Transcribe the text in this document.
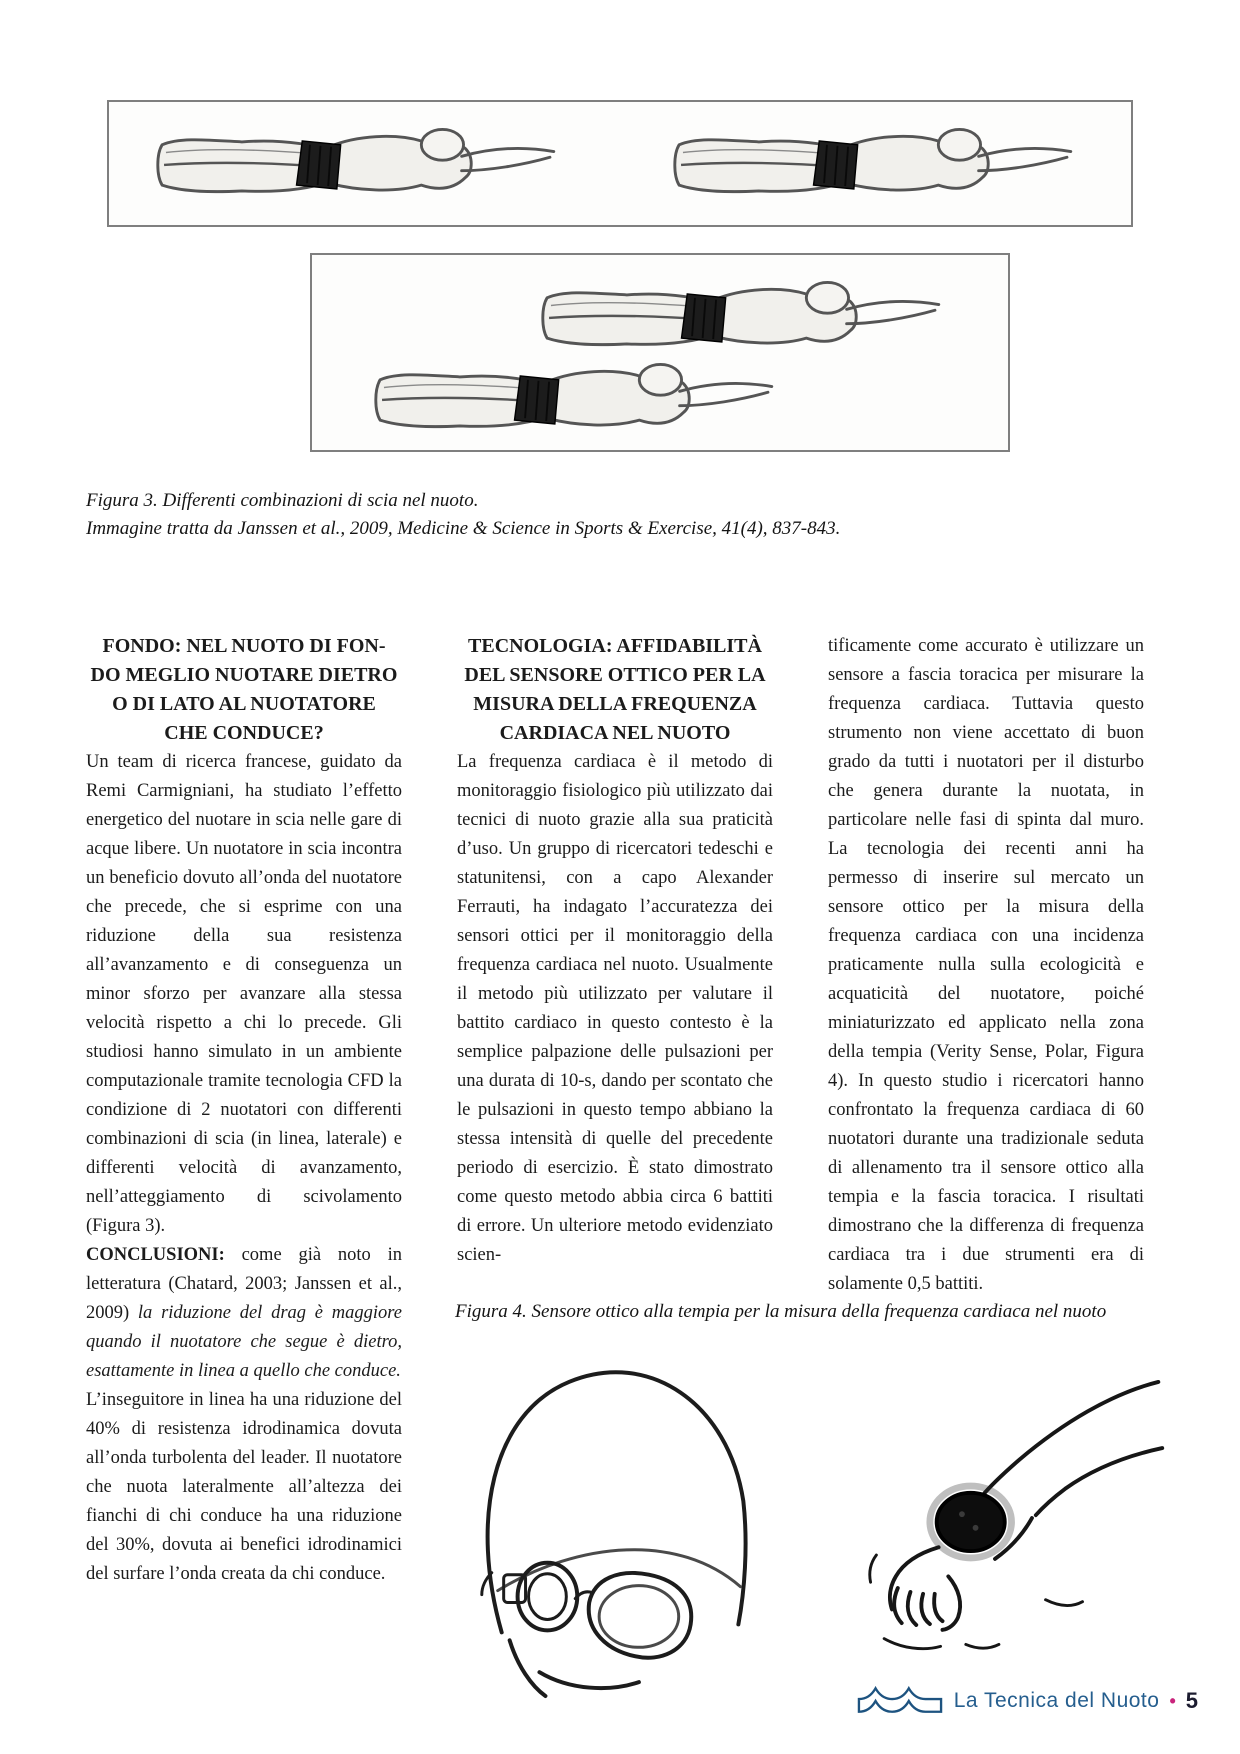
Figura 3. Differenti combinazioni di scia nel nuoto.
Immagine tratta da Janssen et al., 2009, Medicine & Science in Sports & Exercise, 41(4), 837-843.
FONDO: NEL NUOTO DI FON-
DO MEGLIO NUOTARE DIETRO
O DI LATO AL NUOTATORE
CHE CONDUCE?

Un team di ricerca francese, guidato da Remi Carmigniani, ha studiato l’effetto energetico del nuotare in scia nelle gare di acque libere. Un nuotatore in scia incontra un beneficio dovuto all’onda del nuotatore che precede, che si esprime con una riduzione della sua resistenza all’avanzamento e di conseguenza un minor sforzo per avanzare alla stessa velocità rispetto a chi lo precede. Gli studiosi hanno simulato in un ambiente computazionale tramite tecnologia CFD la condizione di 2 nuotatori con differenti combinazioni di scia (in linea, laterale) e differenti velocità di avanzamento, nell’atteggiamento di scivolamento (Figura 3).

CONCLUSIONI: come già noto in letteratura (Chatard, 2003; Janssen et al., 2009) la riduzione del drag è maggiore quando il nuotatore che segue è dietro, esattamente in linea a quello che conduce.

L’inseguitore in linea ha una riduzione del 40% di resistenza idrodinamica dovuta all’onda turbolenta del leader. Il nuotatore che nuota lateralmente all’altezza dei fianchi di chi conduce ha una riduzione del 30%, dovuta ai benefici idrodinamici del surfare l’onda creata da chi conduce.

TECNOLOGIA: AFFIDABILITÀ
DEL SENSORE OTTICO PER LA
MISURA DELLA FREQUENZA
CARDIACA NEL NUOTO

La frequenza cardiaca è il metodo di monitoraggio fisiologico più utilizzato dai tecnici di nuoto grazie alla sua praticità d’uso. Un gruppo di ricercatori tedeschi e statunitensi, con a capo Alexander Ferrauti, ha indagato l’accuratezza dei sensori ottici per il monitoraggio della frequenza cardiaca nel nuoto. Usualmente il metodo più utilizzato per valutare il battito cardiaco in questo contesto è la semplice palpazione delle pulsazioni per una durata di 10-s, dando per scontato che le pulsazioni in questo tempo abbiano la stessa intensità di quelle del precedente periodo di esercizio. È stato dimostrato come questo metodo abbia circa 6 battiti di errore. Un ulteriore metodo evidenziato scien-

tificamente come accurato è utilizzare un sensore a fascia toracica per misurare la frequenza cardiaca. Tuttavia questo strumento non viene accettato di buon grado da tutti i nuotatori per il disturbo che genera durante la nuotata, in particolare nelle fasi di spinta dal muro. La tecnologia dei recenti anni ha permesso di inserire sul mercato un sensore ottico per la misura della frequenza cardiaca con una incidenza praticamente nulla sulla ecologicità e acquaticità del nuotatore, poiché miniaturizzato ed applicato nella zona della tempia (Verity Sense, Polar, Figura 4). In questo studio i ricercatori hanno confrontato la frequenza cardiaca di 60 nuotatori durante una tradizionale seduta di allenamento tra il sensore ottico alla tempia e la fascia toracica. I risultati dimostrano che la differenza di frequenza cardiaca tra i due strumenti era di solamente 0,5 battiti.

Figura 4. Sensore ottico alla tempia per la misura della frequenza cardiaca nel nuoto
La Tecnica del Nuoto • 5
